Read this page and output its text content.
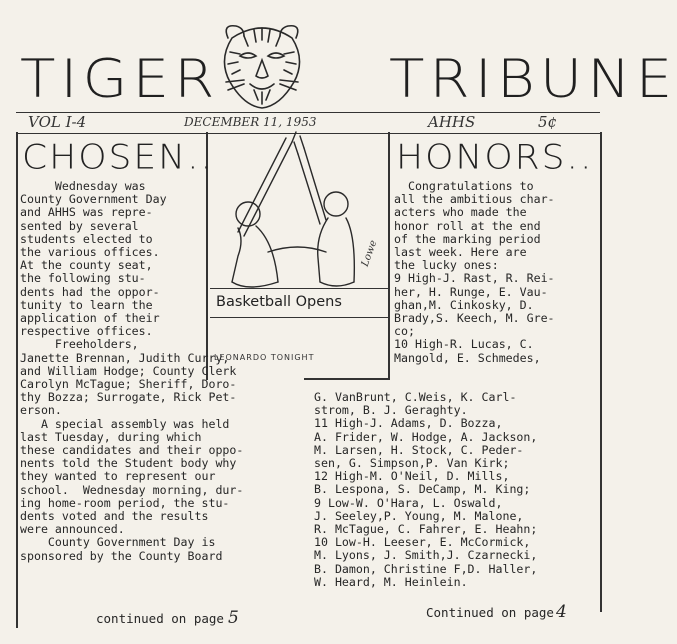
TIGER	TRIBUNE
VOL I-4	DECEMBER 11, 1953	AHHS	5¢
CHOSEN..
Wednesday was
County Government Day
and AHHS was repre-
sented by several
students elected to
the various offices.
At the county seat,
the following stu-
dents had the oppor-
tunity to learn the
application of their
respective offices.
Freeholders,
Janette Brennan, Judith Curry,
and William Hodge; County Clerk
Carolyn McTague; Sheriff, Doro-
thy Bozza; Surrogate, Rick Pet-
erson.
A special assembly was held
last Tuesday, during which
these candidates and their oppo-
nents told the Student body why
they wanted to represent our
school.  Wednesday morning, dur-
ing home-room period, the stu-
dents voted and the results
were announced.
County Government Day is
sponsored by the County Board
continued on page 5
Basketball Opens
Lowe
LEONARDO TONIGHT
HONORS..
Congratulations to
all the ambitious char-
acters who made the
honor roll at the end
of the marking period
last week. Here are
the lucky ones:
9 High-J. Rast, R. Rei-
her, H. Runge, E. Vau-
ghan,M. Cinkosky, D.
Brady,S. Keech, M. Gre-
co;
10 High-R. Lucas, C.
Mangold, E. Schmedes,
G. VanBrunt, C.Weis, K. Carl-
strom, B. J. Geraghty.
11 High-J. Adams, D. Bozza,
A. Frider, W. Hodge, A. Jackson,
M. Larsen, H. Stock, C. Peder-
sen, G. Simpson,P. Van Kirk;
12 High-M. O'Neil, D. Mills,
B. Lespona, S. DeCamp, M. King;
9 Low-W. O'Hara, L. Oswald,
J. Seeley,P. Young, M. Malone,
R. McTague, C. Fahrer, E. Heahn;
10 Low-H. Leeser, E. McCormick,
M. Lyons, J. Smith,J. Czarnecki,
B. Damon, Christine F,D. Haller,
W. Heard, M. Heinlein.
Continued on page 4
